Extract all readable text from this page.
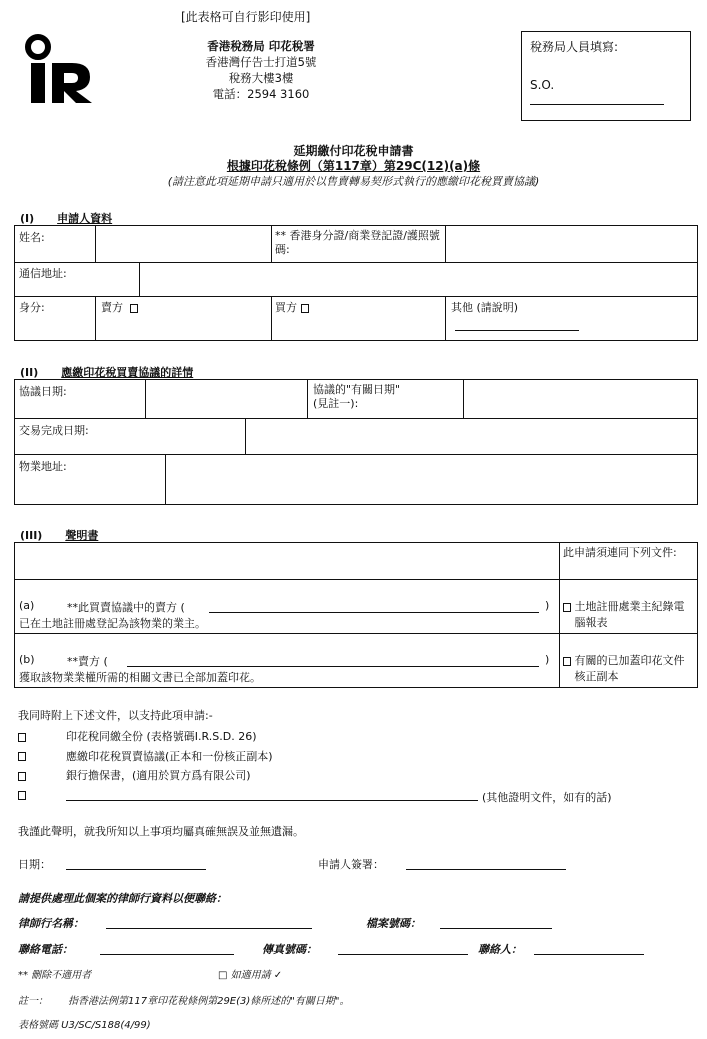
[此表格可自行影印使用]
香港稅務局 印花稅署
香港灣仔告士打道5號
稅務大樓3樓
電話：2594 3160
稅務局人員填寫:
S.O.
延期繳付印花稅申請書
根據印花稅條例（第117章）第29C(12)(a)條
(請注意此項延期申請只適用於以售賣轉易契形式執行的應繳印花稅買賣協議)
(I) 申請人資料
姓名:	** 香港身分證/商業登記證/護照號碼:
通信地址:
身分:	賣方	買方	其他 (請說明)
(II) 應繳印花稅買賣協議的詳情
協議日期:	協議的"有關日期"
(見註一):
交易完成日期:
物業地址:
(III) 聲明書
此申請須連同下列文件:
(a)	**此買賣協議中的賣方 (	)
已在土地註冊處登記為該物業的業主。
土地註冊處業主紀錄電腦報表
(b)	**賣方 (	)
獲取該物業業權所需的相關文書已全部加蓋印花。
有關的已加蓋印花文件核正副本
我同時附上下述文件，以支持此項申請:-
印花稅同繳全份 (表格號碼I.R.S.D. 26)
應繳印花稅買賣協議(正本和一份核正副本)
銀行擔保書，(適用於買方爲有限公司)
(其他證明文件，如有的話)
我謹此聲明，就我所知以上事項均屬真確無誤及並無遺漏。
日期：	申請人簽署：
請提供處理此個案的律師行資料以便聯絡：
律師行名稱：	檔案號碼：
聯絡電話：	傳真號碼：	聯絡人：
** 刪除不適用者	□ 如適用請 ✓
註一： 指香港法例第117章印花稅條例第29E(3)條所述的"有關日期"。
表格號碼 U3/SC/S188(4/99)
